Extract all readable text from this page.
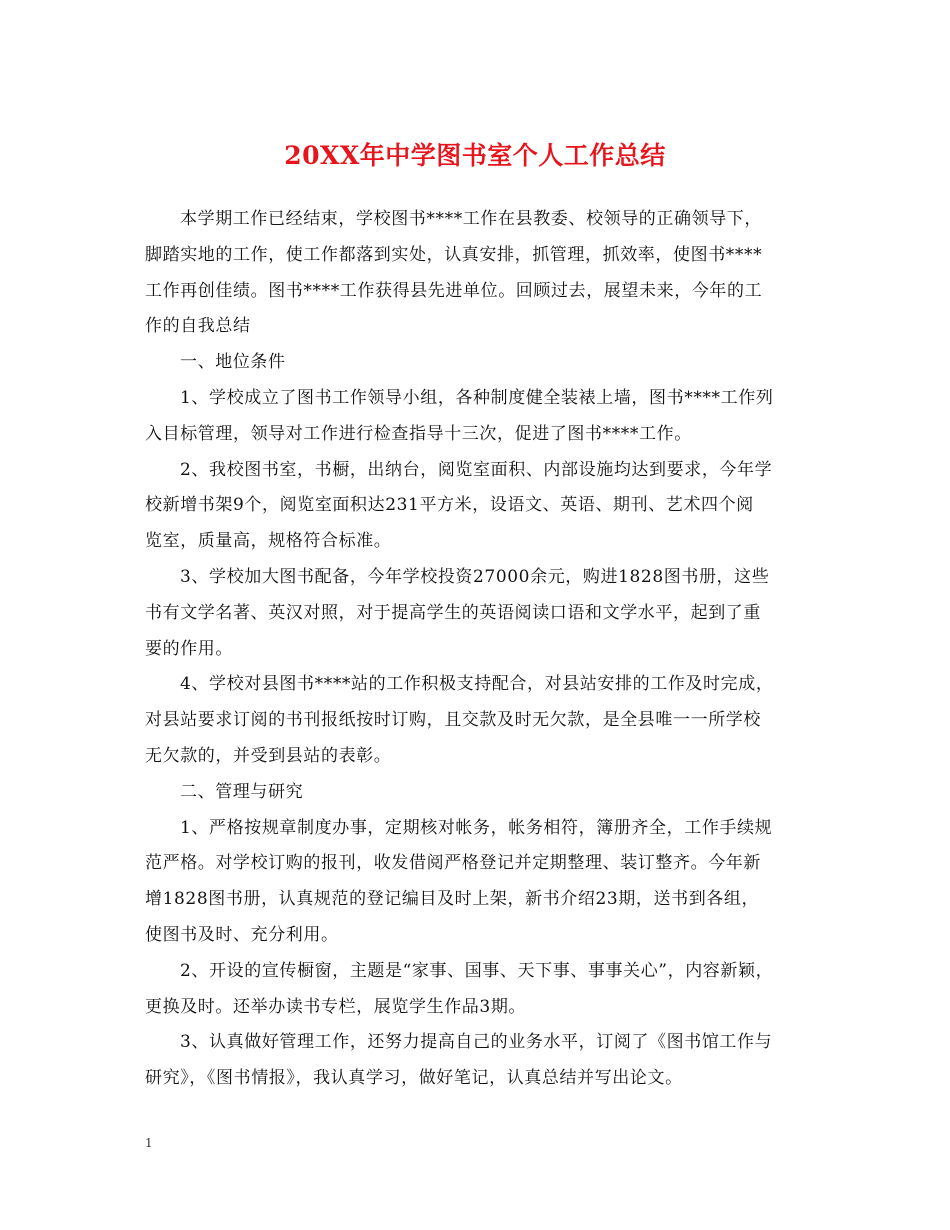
20XX年中学图书室个人工作总结
本学期工作已经结束，学校图书****工作在县教委、校领导的正确领导下，
脚踏实地的工作，使工作都落到实处，认真安排，抓管理，抓效率，使图书****
工作再创佳绩。图书****工作获得县先进单位。回顾过去，展望未来，今年的工
作的自我总结
一、地位条件
1、学校成立了图书工作领导小组，各种制度健全装裱上墙，图书****工作列
入目标管理，领导对工作进行检查指导十三次，促进了图书****工作。
2、我校图书室，书橱，出纳台，阅览室面积、内部设施均达到要求，今年学
校新增书架9个，阅览室面积达231平方米，设语文、英语、期刊、艺术四个阅
览室，质量高，规格符合标准。
3、学校加大图书配备，今年学校投资27000余元，购进1828图书册，这些
书有文学名著、英汉对照，对于提高学生的英语阅读口语和文学水平，起到了重
要的作用。
4、学校对县图书****站的工作积极支持配合，对县站安排的工作及时完成，
对县站要求订阅的书刊报纸按时订购，且交款及时无欠款，是全县唯一一所学校
无欠款的，并受到县站的表彰。
二、管理与研究
1、严格按规章制度办事，定期核对帐务，帐务相符，簿册齐全，工作手续规
范严格。对学校订购的报刊，收发借阅严格登记并定期整理、装订整齐。今年新
增1828图书册，认真规范的登记编目及时上架，新书介绍23期，送书到各组，
使图书及时、充分利用。
2、开设的宣传橱窗，主题是“家事、国事、天下事、事事关心”，内容新颖，
更换及时。还举办读书专栏，展览学生作品3期。
3、认真做好管理工作，还努力提高自己的业务水平，订阅了《图书馆工作与
研究》，《图书情报》，我认真学习，做好笔记，认真总结并写出论文。
1
